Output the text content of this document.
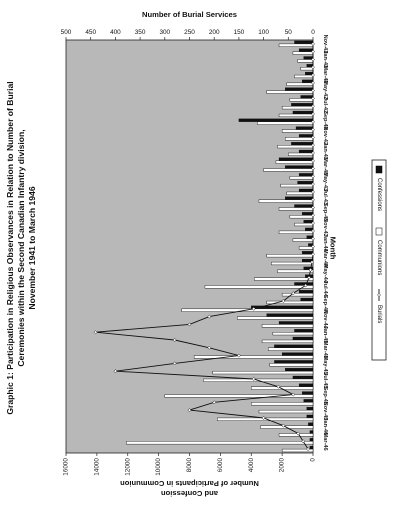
Graphic 1: Participation in Religious Observances in Relation to Number of Burial Ceremonies within the Second Canadian Infantry division, November 1941 to March 1946
Number of Burial Services
0
50
100
150
200
250
300
350
400
450
500
0
2000
4000
6000
8000
10000
12000
14000
16000
Number of Participants in Communion
and Confession
Nov-41
Jan-42
Mar-42
May-42
Jul-42
Sep-42
Nov-42
Jan-43
Mar-43
May-43
Jul-43
Sep-43
Nov-43
Jan-44
Mar-44
May-44
Jul-44
Sep-44
Nov-44
Jan-45
Mar-45
May-45
Jul-45
Sep-45
Nov-45
Jan-46
Mar-46
Month
Confessions
Communions
Burials
